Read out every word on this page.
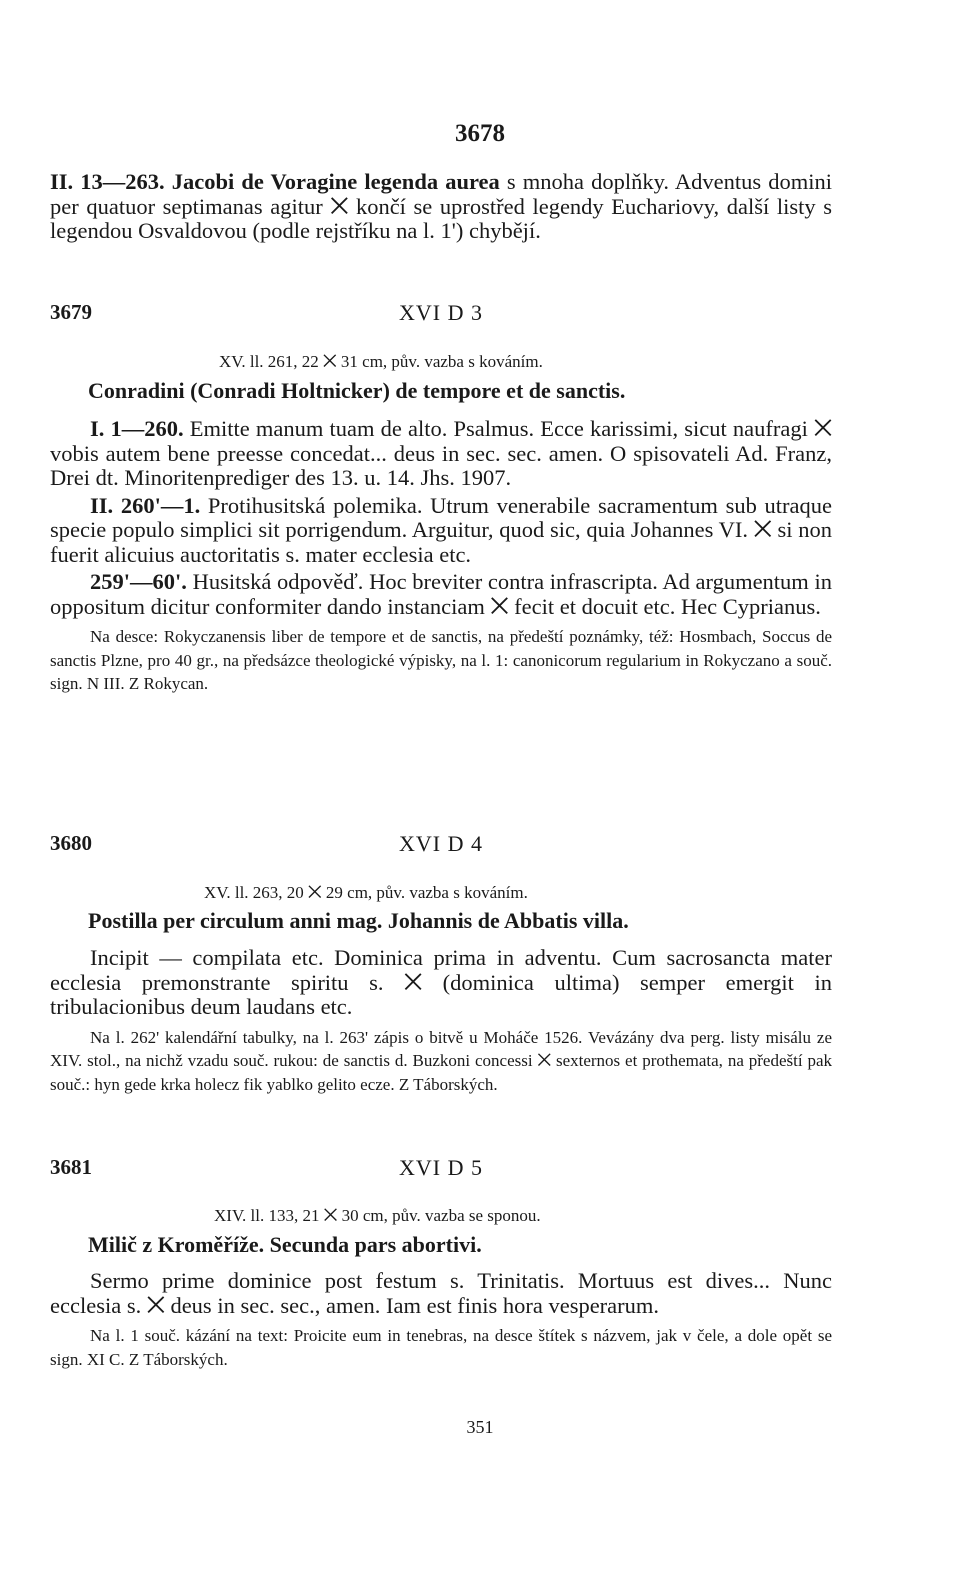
3678

II. 13—263. Jacobi de Voragine legenda aurea s mnoha doplňky. Adventus domini per quatuor septimanas agitur ⨉ končí se uprostřed legendy Euchariovy, další listy s legendou Osvaldovou (podle rejstříku na l. 1') chybějí.

3679	XVI D 3
XV. ll. 261, 22 ⨉ 31 cm, pův. vazba s kováním.

Conradini (Conradi Holtnicker) de tempore et de sanctis.

I. 1—260. Emitte manum tuam de alto. Psalmus. Ecce karissimi, sicut naufragi ⨉ vobis autem bene preesse concedat... deus in sec. sec. amen. O spisovateli Ad. Franz, Drei dt. Minoritenprediger des 13. u. 14. Jhs. 1907.

II. 260'—1. Protihusitská polemika. Utrum venerabile sacramentum sub utraque specie populo simplici sit porrigendum. Arguitur, quod sic, quia Johannes VI. ⨉ si non fuerit alicuius auctoritatis s. mater ecclesia etc.

259'—60'. Husitská odpověď. Hoc breviter contra infrascripta. Ad argumentum in oppositum dicitur conformiter dando instanciam ⨉ fecit et docuit etc. Hec Cyprianus.

Na desce: Rokyczanensis liber de tempore et de sanctis, na předeští poznámky, též: Hosmbach, Soccus de sanctis Plzne, pro 40 gr., na předsázce theologické výpisky, na l. 1: canonicorum regularium in Rokyczano a souč. sign. N III. Z Rokycan.

3680	XVI D 4
XV. ll. 263, 20 ⨉ 29 cm, pův. vazba s kováním.

Postilla per circulum anni mag. Johannis de Abbatis villa.

Incipit — compilata etc. Dominica prima in adventu. Cum sacrosancta mater ecclesia premonstrante spiritu s. ⨉ (dominica ultima) semper emergit in tribulacionibus deum laudans etc.

Na l. 262' kalendářní tabulky, na l. 263' zápis o bitvě u Moháče 1526. Vevázány dva perg. listy misálu ze XIV. stol., na nichž vzadu souč. rukou: de sanctis d. Buzkoni concessi ⨉ sexternos et prothemata, na předeští pak souč.: hyn gede krka holecz fik yablko gelito ecze. Z Táborských.

3681	XVI D 5
XIV. ll. 133, 21 ⨉ 30 cm, pův. vazba se sponou.

Milič z Kroměříže. Secunda pars abortivi.

Sermo prime dominice post festum s. Trinitatis. Mortuus est dives... Nunc ecclesia s. ⨉ deus in sec. sec., amen. Iam est finis hora vesperarum.

Na l. 1 souč. kázání na text: Proicite eum in tenebras, na desce štítek s názvem, jak v čele, a dole opět se sign. XI C. Z Táborských.

351
